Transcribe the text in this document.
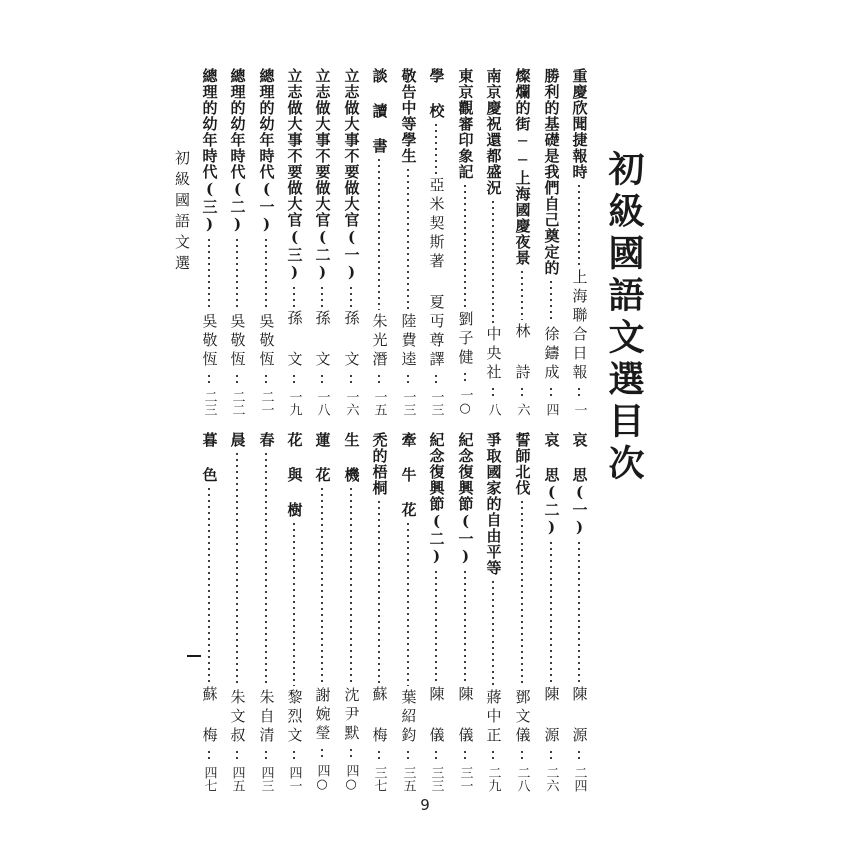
初級國語文選目次
初級國語文選
重慶欣聞捷報時
上海聯合日報
一
勝利的基礎是我們自己奠定的
徐鑄成
四
燦爛的街──上海國慶夜景
林 詩
六
南京慶祝還都盛況
中央社
八
東京觀審印象記
劉子健
一○
學 校
亞米契斯著 夏丏尊譯
一三
敬告中等學生
陸費逵
一三
談 讀 書
朱光潛
一五
立志做大事不要做大官(一)
孫 文
一六
立志做大事不要做大官(二)
孫 文
一八
立志做大事不要做大官(三)
孫 文
一九
總理的幼年時代(一)
吳敬恆
二一
總理的幼年時代(二)
吳敬恆
二二
總理的幼年時代(三)
吳敬恆
二三
哀 思(一)
陳 源
二四
哀 思(二)
陳 源
二六
誓師北伐
鄧文儀
二八
爭取國家的自由平等
蔣中正
二九
紀念復興節(一)
陳 儀
三一
紀念復興節(二)
陳 儀
三三
牽 牛 花
葉紹鈞
三五
禿的梧桐
蘇 梅
三七
生 機
沈尹默
四○
蓮 花
謝婉瑩
四○
花 與 樹
黎烈文
四一
春
朱自清
四三
晨
朱文叔
四五
暮 色
蘇 梅
四七
9
